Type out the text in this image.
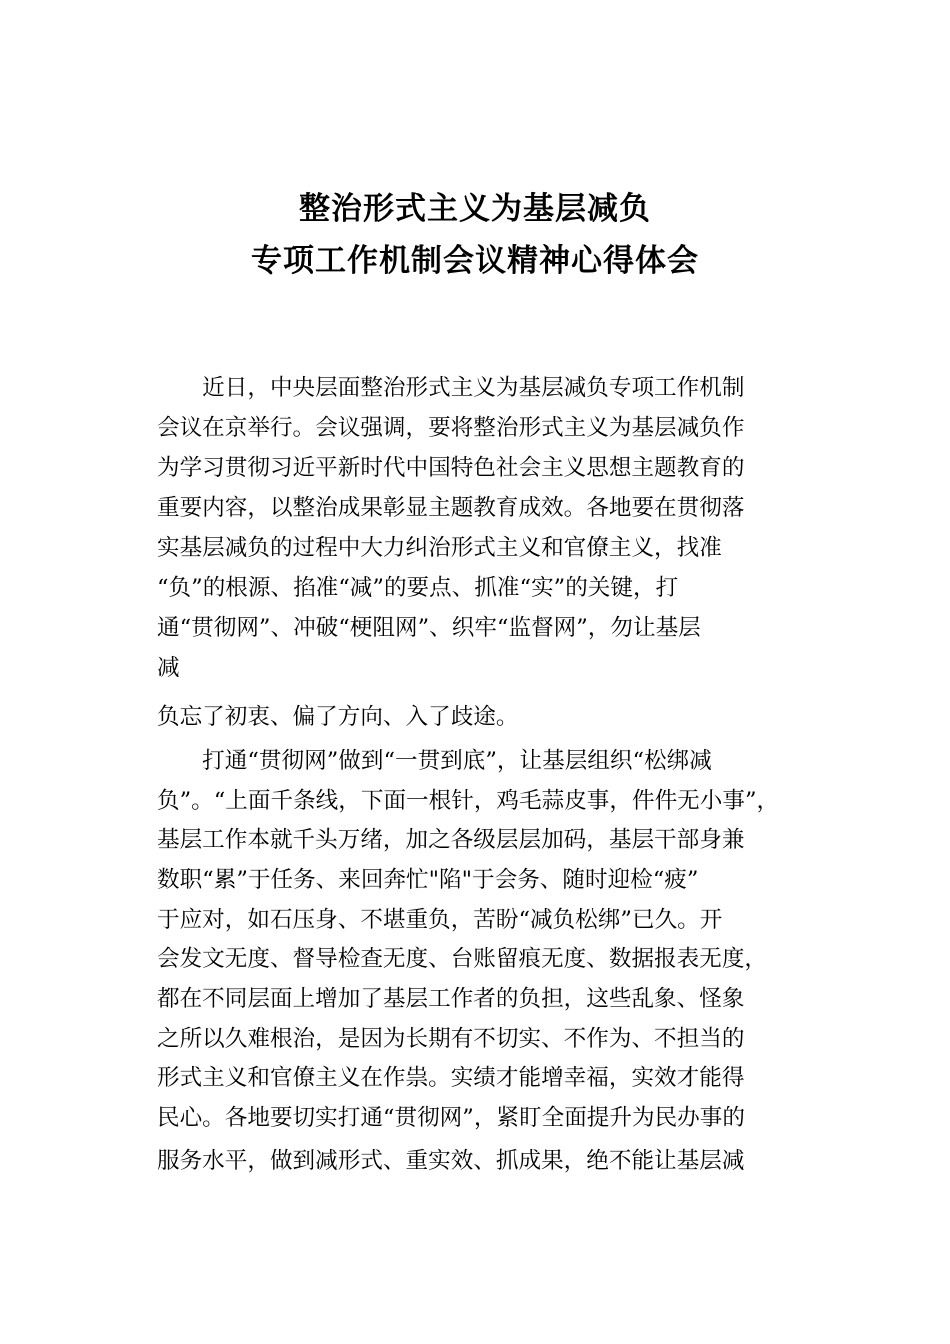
整治形式主义为基层减负
专项工作机制会议精神心得体会
　　近日，中央层面整治形式主义为基层减负专项工作机制
会议在京举行。会议强调，要将整治形式主义为基层减负作
为学习贯彻习近平新时代中国特色社会主义思想主题教育的
重要内容，以整治成果彰显主题教育成效。各地要在贯彻落
实基层减负的过程中大力纠治形式主义和官僚主义，找准
“负”的根源、掐准“减”的要点、抓准“实”的关键，打
通“贯彻网”、冲破“梗阻网”、织牢“监督网”，勿让基层
减
负忘了初衷、偏了方向、入了歧途。
　　打通“贯彻网”做到“一贯到底”，让基层组织“松绑减
负”。“上面千条线，下面一根针，鸡毛蒜皮事，件件无小事”，
基层工作本就千头万绪，加之各级层层加码，基层干部身兼
数职“累”于任务、来回奔忙"陷"于会务、随时迎检“疲”
于应对，如石压身、不堪重负，苦盼“减负松绑”已久。开
会发文无度、督导检查无度、台账留痕无度、数据报表无度，
都在不同层面上增加了基层工作者的负担，这些乱象、怪象
之所以久难根治，是因为长期有不切实、不作为、不担当的
形式主义和官僚主义在作祟。实绩才能增幸福，实效才能得
民心。各地要切实打通“贯彻网”，紧盯全面提升为民办事的
服务水平，做到减形式、重实效、抓成果，绝不能让基层减
